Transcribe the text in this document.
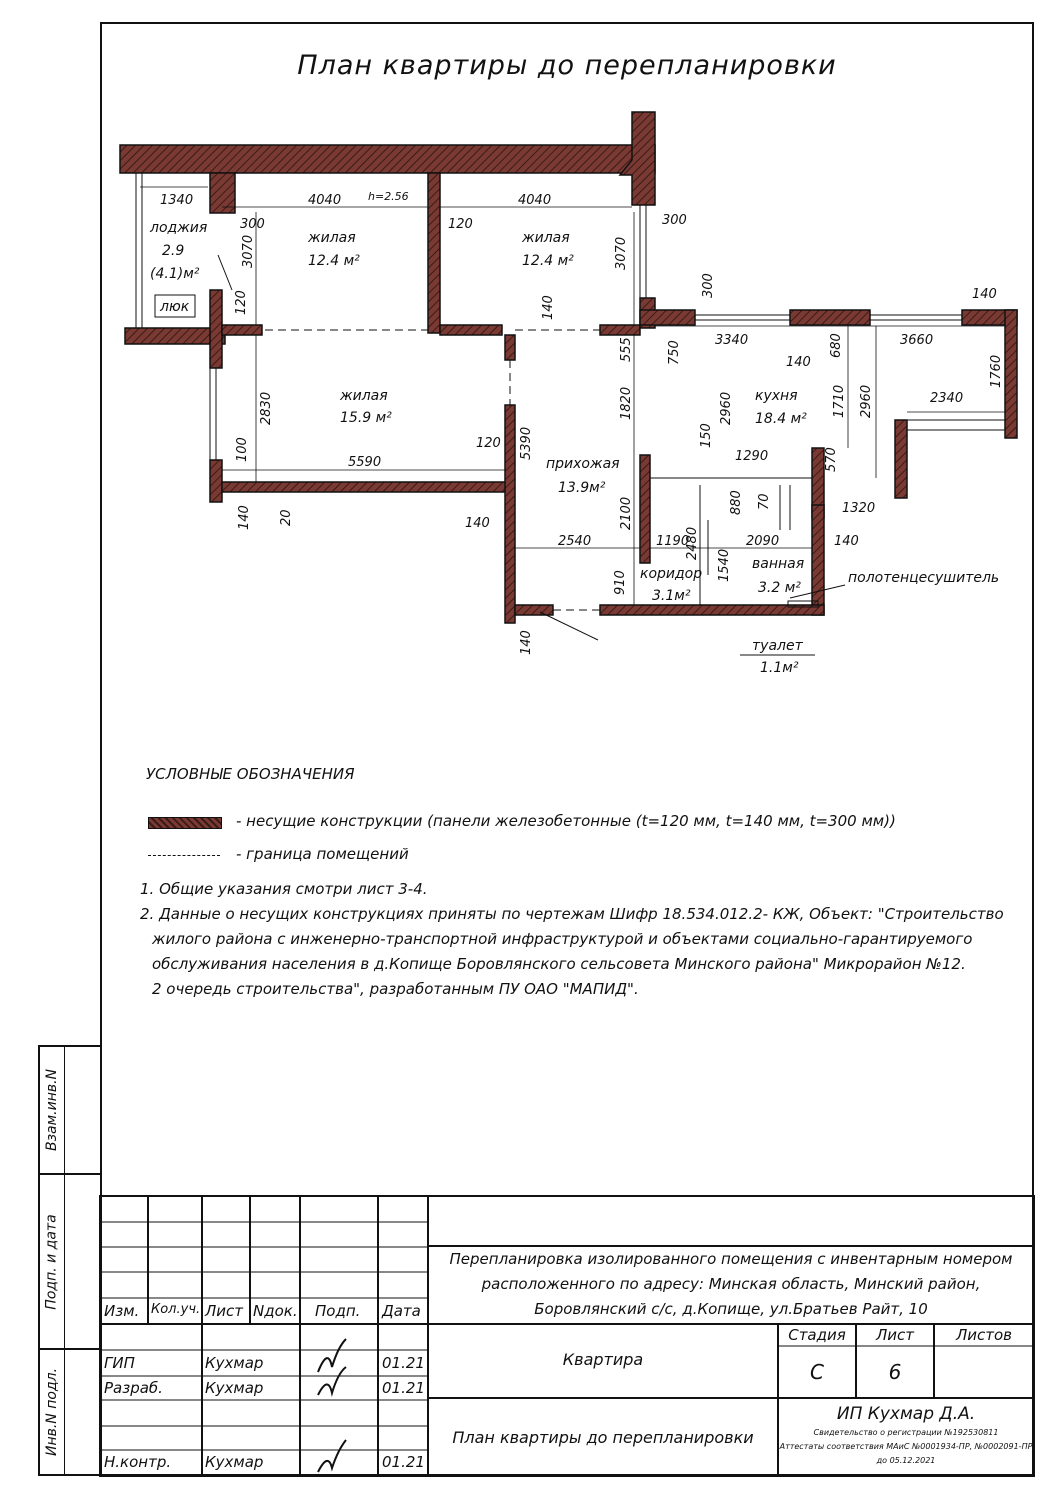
План квартиры до перепланировки
Взам.инв.N
Подп. и дата
Инв.N подл.
лоджия
2.9
(4.1)м²
люк
жилая
12.4 м²
жилая
12.4 м²
жилая
15.9 м²
прихожая
13.9м²
кухня
18.4 м²
коридор
3.1м²
ванная
3.2 м²
туалет
1.1м²
полотенцесушитель
h=2.56
1340	4040	4040
300	120	300
3070	3070
120	140
300	140
3340	3660
750
555
140
680
1760
2830	2960	1710 2960	2340
1820
5390
120	150
1290	570
100
5590
880 70	1320
140 20	2100
140
2540	1190
2480	2090	140
910
1540
140
УСЛОВНЫЕ ОБОЗНАЧЕНИЯ
- несущие конструкции (панели железобетонные (t=120 мм, t=140 мм, t=300 мм))
- граница помещений
1. Общие указания смотри лист 3-4.
2. Данные о несущих конструкциях приняты по чертежам Шифр 18.534.012.2- КЖ, Объект: "Строительство
жилого района с инженерно-транспортной инфраструктурой и объектами социально-гарантируемого
обслуживания населения в д.Копище Боровлянского сельсовета Минского района" Микрорайон №12.
2 очередь строительства", разработанным ПУ ОАО "МАПИД".
Изм. Кол.уч. Лист Nдок. Подп. Дата
Перепланировка изолированного помещения с инвентарным номером
расположенного по адресу: Минская область, Минский район,
Боровлянский с/с, д.Копище, ул.Братьев Райт, 10
ГИП	Кухмар	01.21
Разраб.	Кухмар	01.21
Н.контр. Кухмар	01.21
Квартира
План квартиры до перепланировки
Стадия	Лист	Листов
С	6
ИП Кухмар Д.А.
Свидетельство о регистрации №192530811
Аттестаты соответствия МАиС №0001934-ПР, №0002091-ПР
до 05.12.2021
